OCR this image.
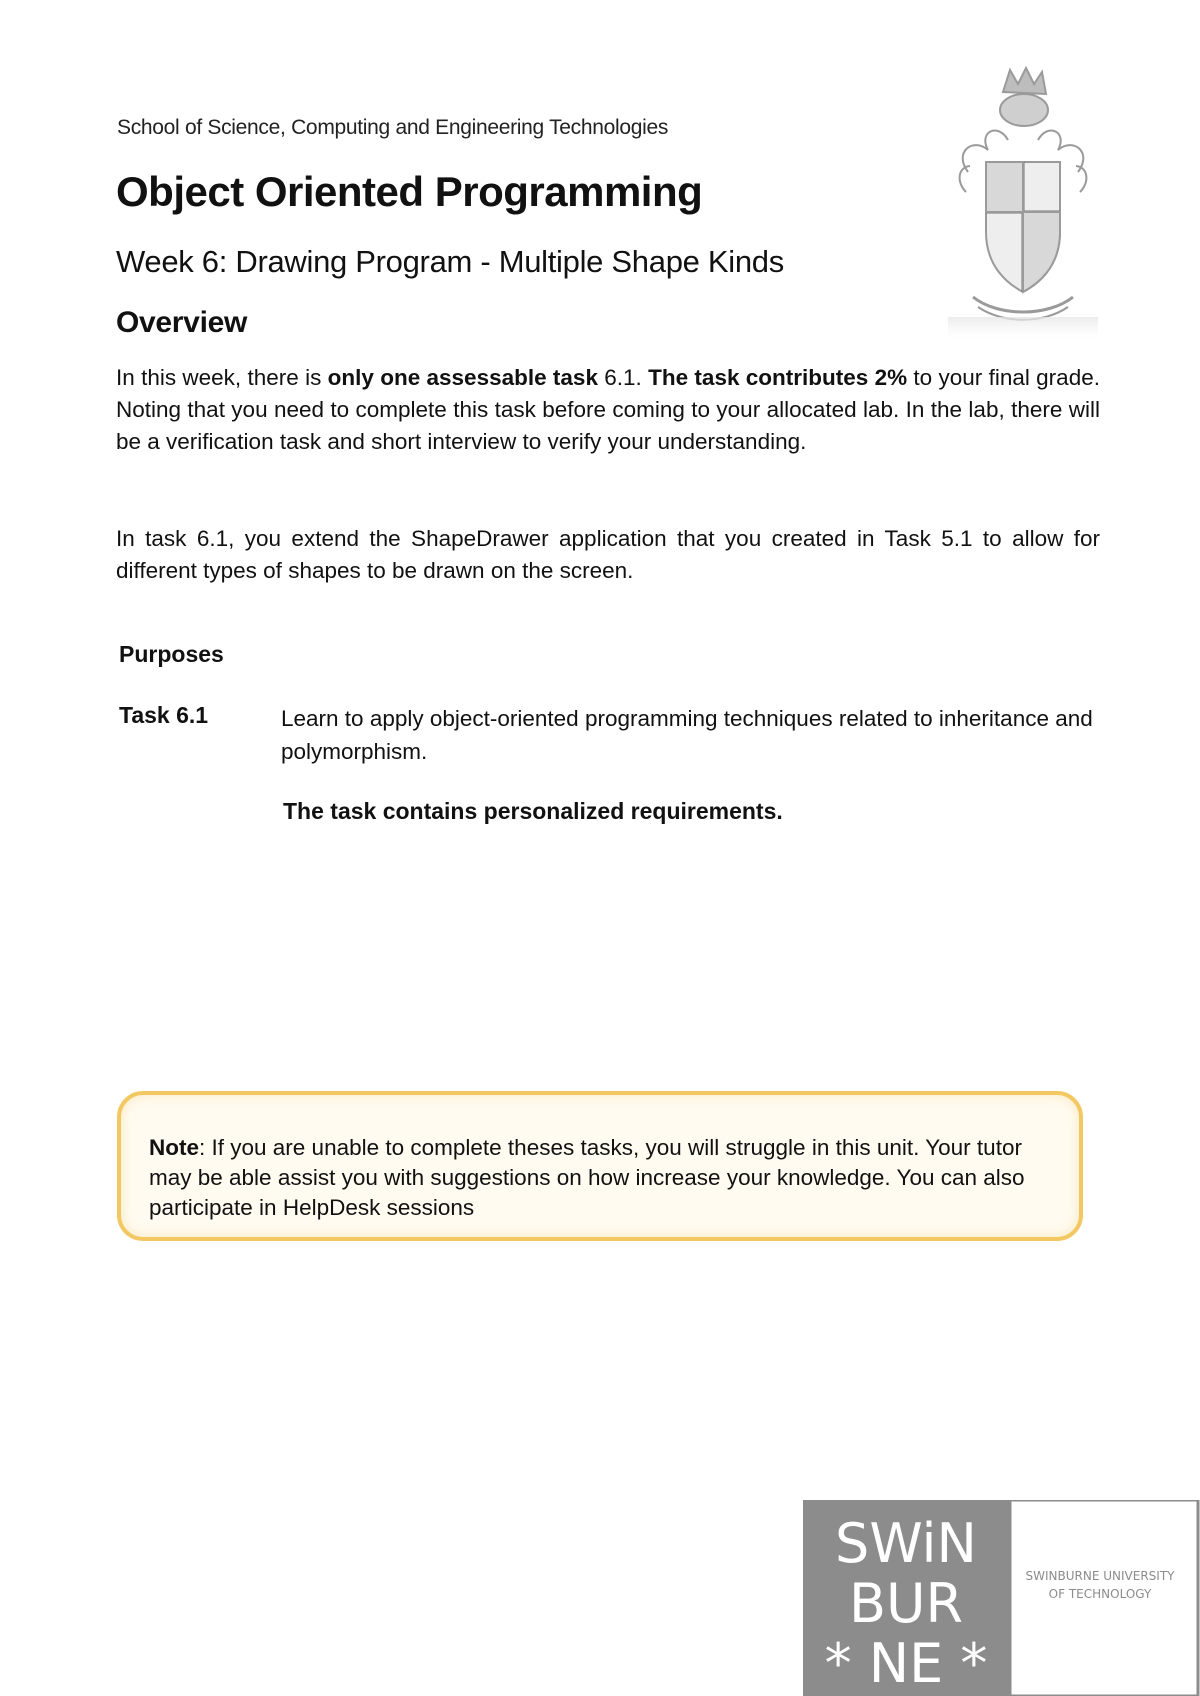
School of Science, Computing and Engineering Technologies
Object Oriented Programming
Week 6: Drawing Program - Multiple Shape Kinds
Overview

In this week, there is only one assessable task 6.1. The task contributes 2% to your final grade. Noting that you need to complete this task before coming to your allocated lab. In the lab, there will be a verification task and short interview to verify your understanding.

In task 6.1, you extend the ShapeDrawer application that you created in Task 5.1 to allow for different types of shapes to be drawn on the screen.

Purposes
Task 6.1	Learn to apply object-oriented programming techniques related to inheritance and polymorphism.

The task contains personalized requirements.

Note: If you are unable to complete theses tasks, you will struggle in this unit. Your tutor may be able assist you with suggestions on how increase your knowledge. You can also participate in HelpDesk sessions

SWiN
BUR
* NE *
SWINBURNE UNIVERSITY
OF TECHNOLOGY
